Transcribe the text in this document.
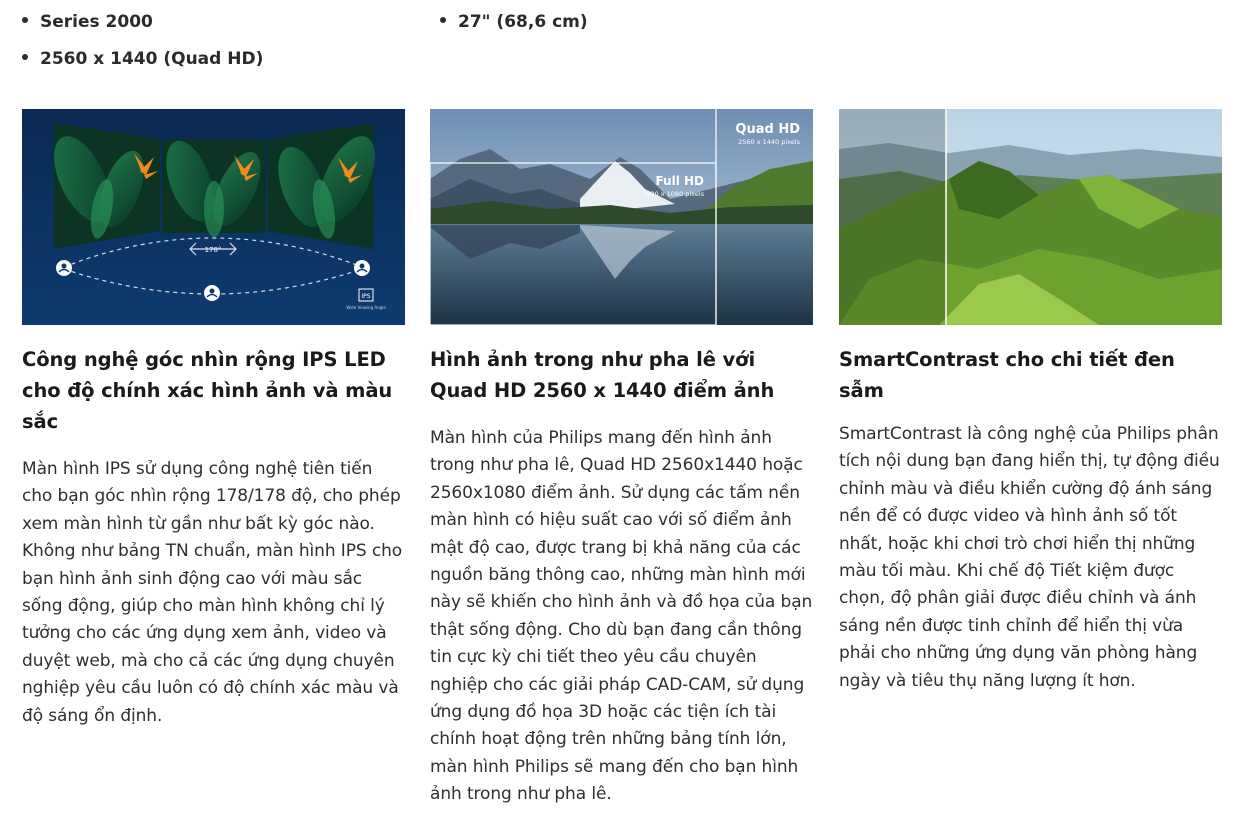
Series 2000
2560 x 1440 (Quad HD)
27" (68,6 cm)
178°
IPS
Wide Viewing Angle
Công nghệ góc nhìn rộng IPS LED cho độ chính xác hình ảnh và màu sắc

Màn hình IPS sử dụng công nghệ tiên tiến cho bạn góc nhìn rộng 178/178 độ, cho phép xem màn hình từ gần như bất kỳ góc nào. Không như bảng TN chuẩn, màn hình IPS cho bạn hình ảnh sinh động cao với màu sắc sống động, giúp cho màn hình không chỉ lý tưởng cho các ứng dụng xem ảnh, video và duyệt web, mà cho cả các ứng dụng chuyên nghiệp yêu cầu luôn có độ chính xác màu và độ sáng ổn định.

Quad HD
2560 x 1440 pixels
Full HD
1920 x 1080 pixels
Hình ảnh trong như pha lê với Quad HD 2560 x 1440 điểm ảnh

Màn hình của Philips mang đến hình ảnh trong như pha lê, Quad HD 2560x1440 hoặc 2560x1080 điểm ảnh. Sử dụng các tấm nền màn hình có hiệu suất cao với số điểm ảnh mật độ cao, được trang bị khả năng của các nguồn băng thông cao, những màn hình mới này sẽ khiến cho hình ảnh và đồ họa của bạn thật sống động. Cho dù bạn đang cần thông tin cực kỳ chi tiết theo yêu cầu chuyên nghiệp cho các giải pháp CAD-CAM, sử dụng ứng dụng đồ họa 3D hoặc các tiện ích tài chính hoạt động trên những bảng tính lớn, màn hình Philips sẽ mang đến cho bạn hình ảnh trong như pha lê.

SmartContrast cho chi tiết đen sẫm

SmartContrast là công nghệ của Philips phân tích nội dung bạn đang hiển thị, tự động điều chỉnh màu và điều khiển cường độ ánh sáng nền để có được video và hình ảnh số tốt nhất, hoặc khi chơi trò chơi hiển thị những màu tối màu. Khi chế độ Tiết kiệm được chọn, độ phân giải được điều chỉnh và ánh sáng nền được tinh chỉnh để hiển thị vừa phải cho những ứng dụng văn phòng hàng ngày và tiêu thụ năng lượng ít hơn.
